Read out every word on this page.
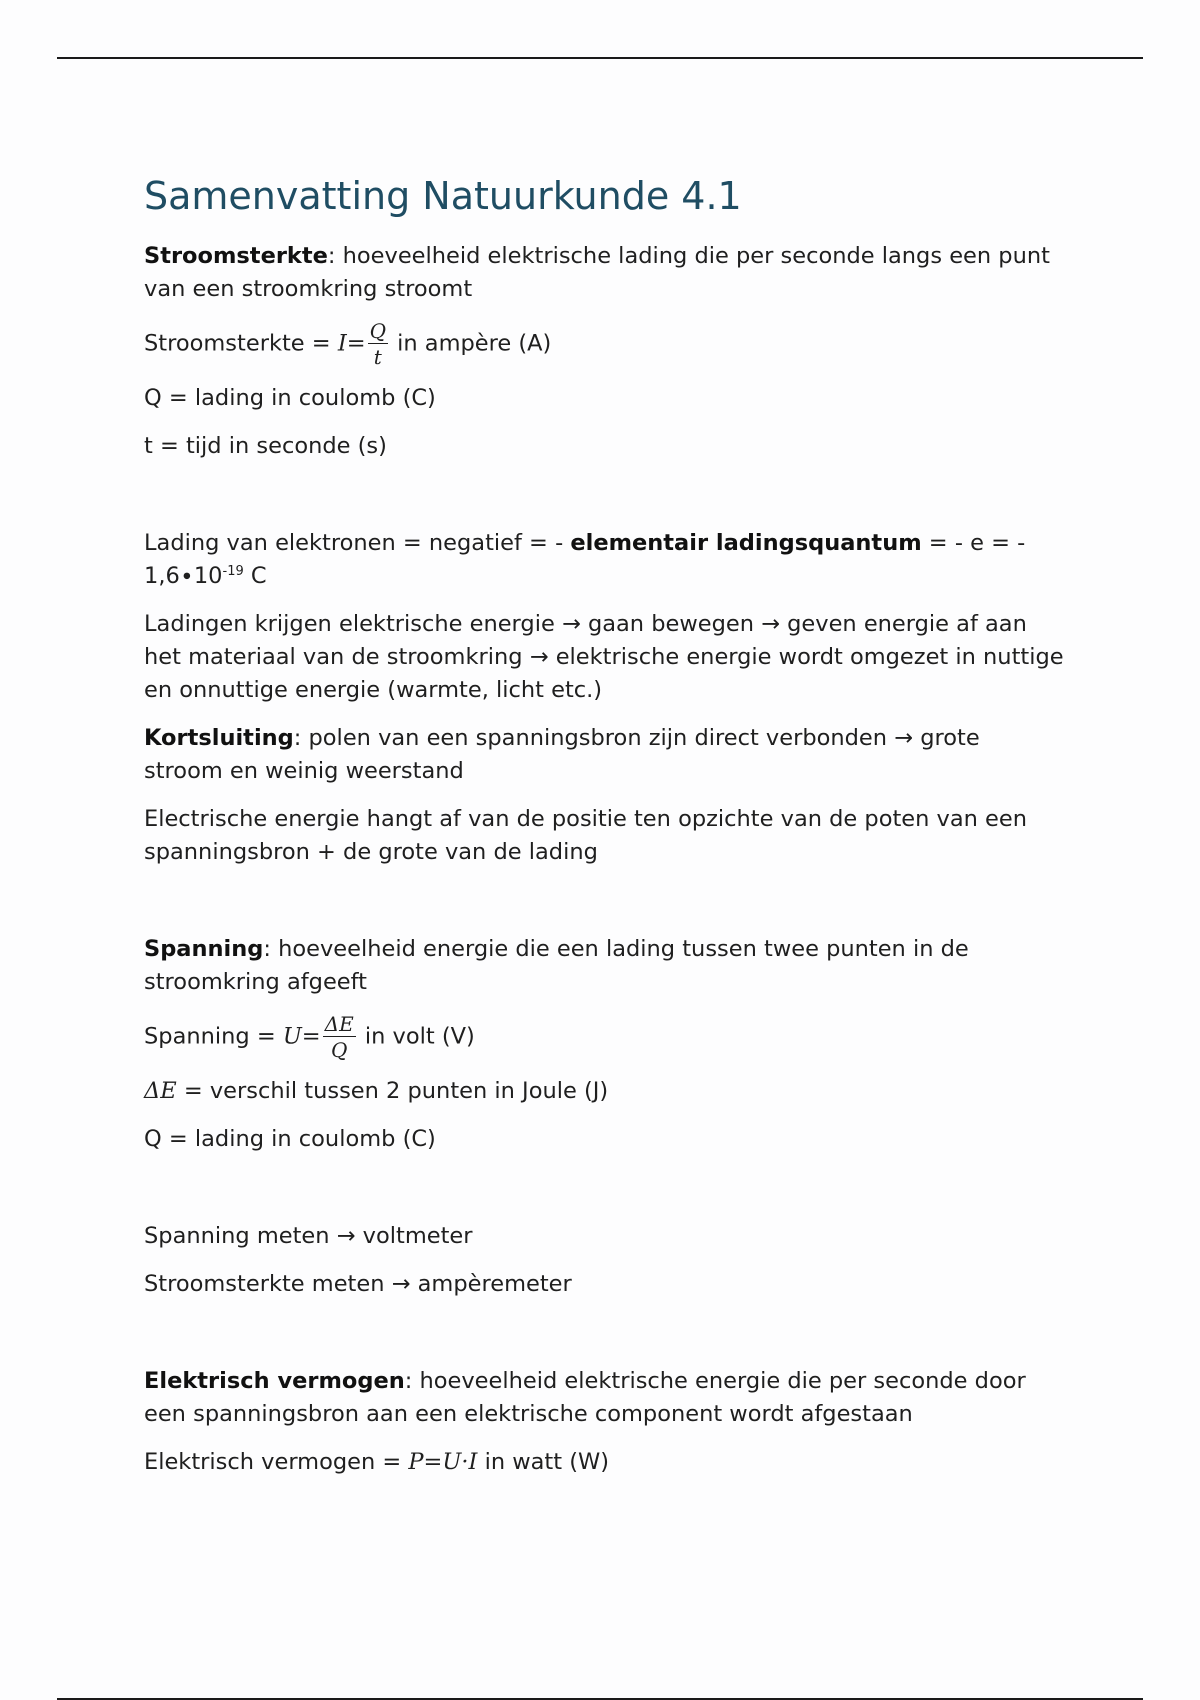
Samenvatting Natuurkunde 4.1

Stroomsterkte: hoeveelheid elektrische lading die per seconde langs een punt van een stroomkring stroomt

Stroomsterkte = $I= \frac{Q}{t}$ in ampère (A)

Q = lading in coulomb (C)

t = tijd in seconde (s)

Lading van elektronen = negatief = - elementair ladingsquantum = - e = - $1,6\cdot 10^{-19}$ C

Ladingen krijgen elektrische energie → gaan bewegen → geven energie af aan het materiaal van de stroomkring → elektrische energie wordt omgezet in nuttige en onnuttige energie (warmte, licht etc.)

Kortsluiting: polen van een spanningsbron zijn direct verbonden → grote stroom en weinig weerstand

Electrische energie hangt af van de positie ten opzichte van de poten van een spanningsbron + de grote van de lading

Spanning: hoeveelheid energie die een lading tussen twee punten in de stroomkring afgeeft

Spanning = $U= \frac{\Delta E}{Q}$ in volt (V)

ΔE = verschil tussen 2 punten in Joule (J)

Q = lading in coulomb (C)

Spanning meten → voltmeter

Stroomsterkte meten → ampèremeter

Elektrisch vermogen: hoeveelheid elektrische energie die per seconde door een spanningsbron aan een elektrische component wordt afgestaan

Elektrisch vermogen = P=U·I in watt (W)
